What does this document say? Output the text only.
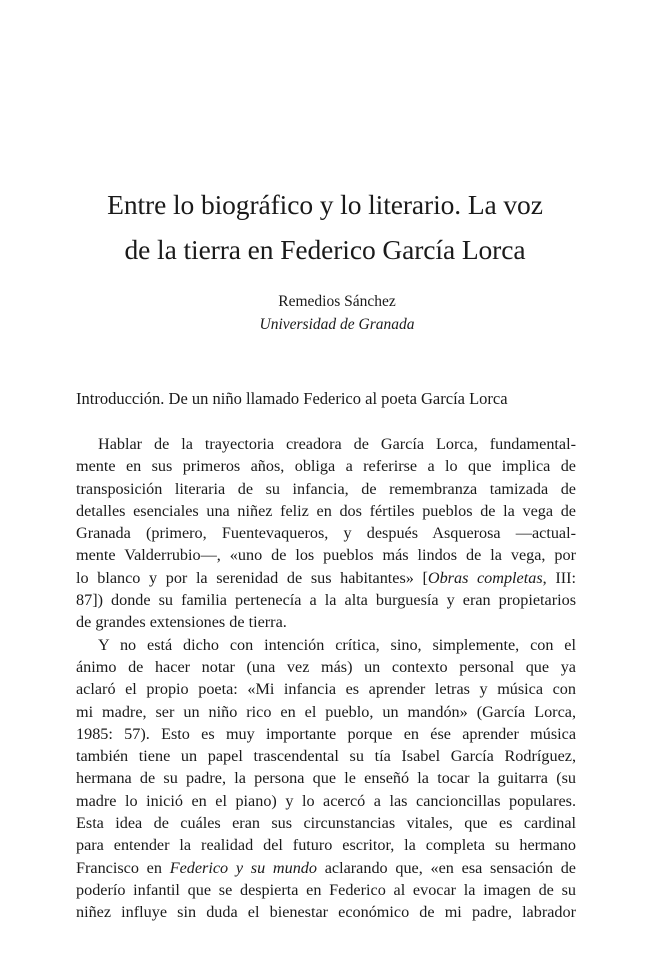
Entre lo biográfico y lo literario. La voz
de la tierra en Federico García Lorca
Remedios Sánchez
Universidad de Granada
Introducción. De un niño llamado Federico al poeta García Lorca
Hablar de la trayectoria creadora de García Lorca, fundamental-
mente en sus primeros años, obliga a referirse a lo que implica de
transposición literaria de su infancia, de remembranza tamizada de
detalles esenciales una niñez feliz en dos fértiles pueblos de la vega de
Granada (primero, Fuentevaqueros, y después Asquerosa —actual-
mente Valderrubio—, «uno de los pueblos más lindos de la vega, por
lo blanco y por la serenidad de sus habitantes» [Obras completas, III:
87]) donde su familia pertenecía a la alta burguesía y eran propietarios
de grandes extensiones de tierra.
Y no está dicho con intención crítica, sino, simplemente, con el
ánimo de hacer notar (una vez más) un contexto personal que ya
aclaró el propio poeta: «Mi infancia es aprender letras y música con
mi madre, ser un niño rico en el pueblo, un mandón» (García Lorca,
1985: 57). Esto es muy importante porque en ése aprender música
también tiene un papel trascendental su tía Isabel García Rodríguez,
hermana de su padre, la persona que le enseñó la tocar la guitarra (su
madre lo inició en el piano) y lo acercó a las cancioncillas populares.
Esta idea de cuáles eran sus circunstancias vitales, que es cardinal
para entender la realidad del futuro escritor, la completa su hermano
Francisco en Federico y su mundo aclarando que, «en esa sensación de
poderío infantil que se despierta en Federico al evocar la imagen de su
niñez influye sin duda el bienestar económico de mi padre, labrador
